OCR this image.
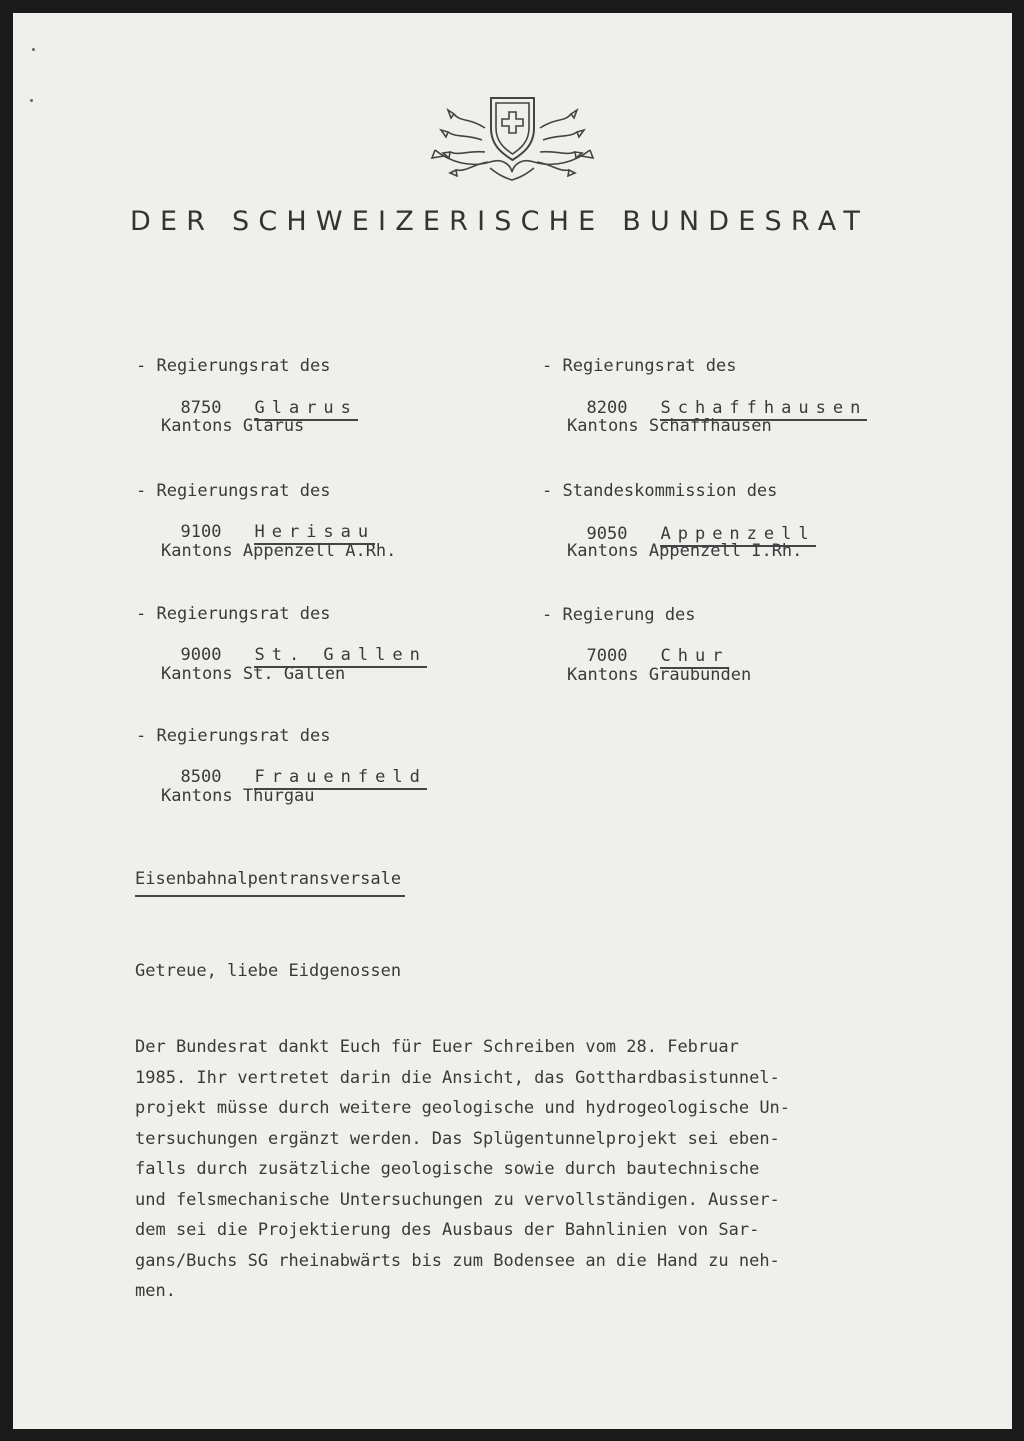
DER SCHWEIZERISCHE BUNDESRAT

- Regierungsrat des

Kantons Glarus

8750 Glarus

- Regierungsrat des

Kantons Schaffhausen

8200 Schaffhausen

- Regierungsrat des

Kantons Appenzell A.Rh.

9100 Herisau

- Standeskommission des

Kantons Appenzell I.Rh.

9050 Appenzell

- Regierungsrat des

Kantons St. Gallen

9000 St. Gallen

- Regierung des

Kantons Graubünden

7000 Chur

- Regierungsrat des

Kantons Thurgau

8500 Frauenfeld

Eisenbahnalpentransversale
Getreue, liebe Eidgenossen
Der Bundesrat dankt Euch für Euer Schreiben vom 28. Februar
1985. Ihr vertretet darin die Ansicht, das Gotthardbasistunnel-
projekt müsse durch weitere geologische und hydrogeologische Un-
tersuchungen ergänzt werden. Das Splügentunnelprojekt sei eben-
falls durch zusätzliche geologische sowie durch bautechnische
und felsmechanische Untersuchungen zu vervollständigen. Ausser-
dem sei die Projektierung des Ausbaus der Bahnlinien von Sar-
gans/Buchs SG rheinabwärts bis zum Bodensee an die Hand zu neh-
men.
